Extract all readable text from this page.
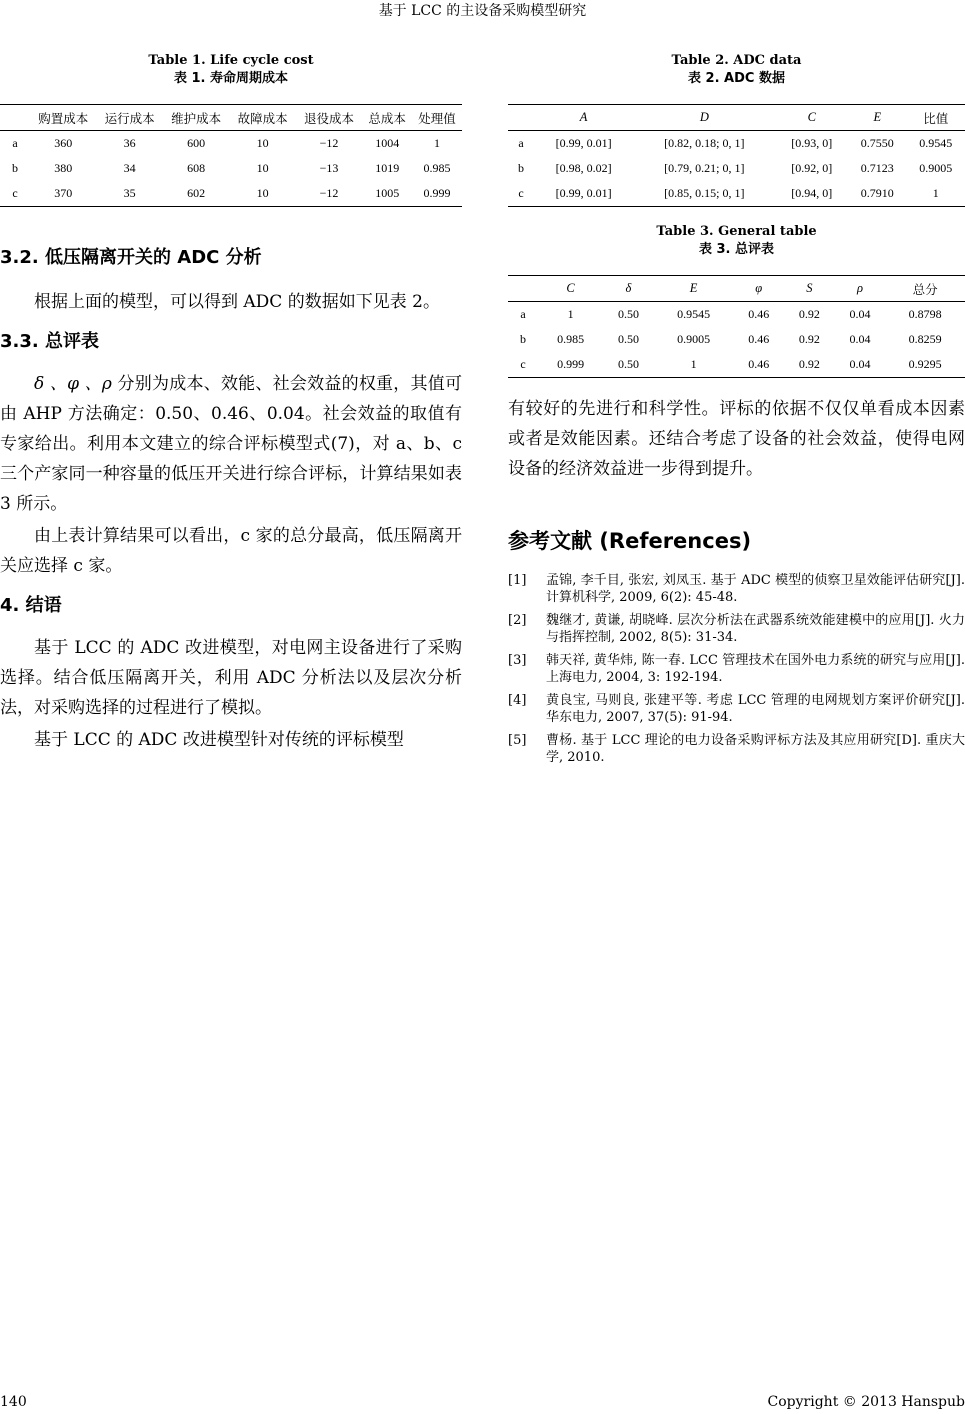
基于 LCC 的主设备采购模型研究
Table 1. Life cycle cost
表 1. 寿命周期成本
	购置成本	运行成本	维护成本	故障成本	退役成本	总成本	处理值
a	360	36	600	10	−12	1004	1
b	380	34	608	10	−13	1019	0.985
c	370	35	602	10	−12	1005	0.999
3.2. 低压隔离开关的 ADC 分析

根据上面的模型，可以得到 ADC 的数据如下见表 2。

3.3. 总评表

δ 、φ 、ρ 分别为成本、效能、社会效益的权重，其值可由 AHP 方法确定：0.50、0.46、0.04。社会效益的取值有专家给出。利用本文建立的综合评标模型式(7)，对 a、b、c 三个产家同一种容量的低压开关进行综合评标，计算结果如表 3 所示。

由上表计算结果可以看出，c 家的总分最高，低压隔离开关应选择 c 家。

4. 结语

基于 LCC 的 ADC 改进模型，对电网主设备进行了采购选择。结合低压隔离开关，利用 ADC 分析法以及层次分析法，对采购选择的过程进行了模拟。

基于 LCC 的 ADC 改进模型针对传统的评标模型

Table 2. ADC data
表 2. ADC 数据
	A	D	C	E	比值
a	[0.99, 0.01]	[0.82, 0.18; 0, 1]	[0.93, 0]	0.7550	0.9545
b	[0.98, 0.02]	[0.79, 0.21; 0, 1]	[0.92, 0]	0.7123	0.9005
c	[0.99, 0.01]	[0.85, 0.15; 0, 1]	[0.94, 0]	0.7910	1
Table 3. General table
表 3. 总评表
	C	δ	E	φ	S	ρ	总分
a	1	0.50	0.9545	0.46	0.92	0.04	0.8798
b	0.985	0.50	0.9005	0.46	0.92	0.04	0.8259
c	0.999	0.50	1	0.46	0.92	0.04	0.9295

有较好的先进行和科学性。评标的依据不仅仅单看成本因素或者是效能因素。还结合考虑了设备的社会效益，使得电网设备的经济效益进一步得到提升。

参考文献 (References)
[1]	孟锦, 李千目, 张宏, 刘凤玉. 基于 ADC 模型的侦察卫星效能评估研究[J]. 计算机科学, 2009, 6(2): 45-48.
[2]	魏继才, 黄谦, 胡晓峰. 层次分析法在武器系统效能建模中的应用[J]. 火力与指挥控制, 2002, 8(5): 31-34.
[3]	韩天祥, 黄华炜, 陈一春. LCC 管理技术在国外电力系统的研究与应用[J]. 上海电力, 2004, 3: 192-194.
[4]	黄良宝, 马则良, 张建平等. 考虑 LCC 管理的电网规划方案评价研究[J]. 华东电力, 2007, 37(5): 91-94.
[5]	曹杨. 基于 LCC 理论的电力设备采购评标方法及其应用研究[D]. 重庆大学, 2010.
140	Copyright © 2013 Hanspub
